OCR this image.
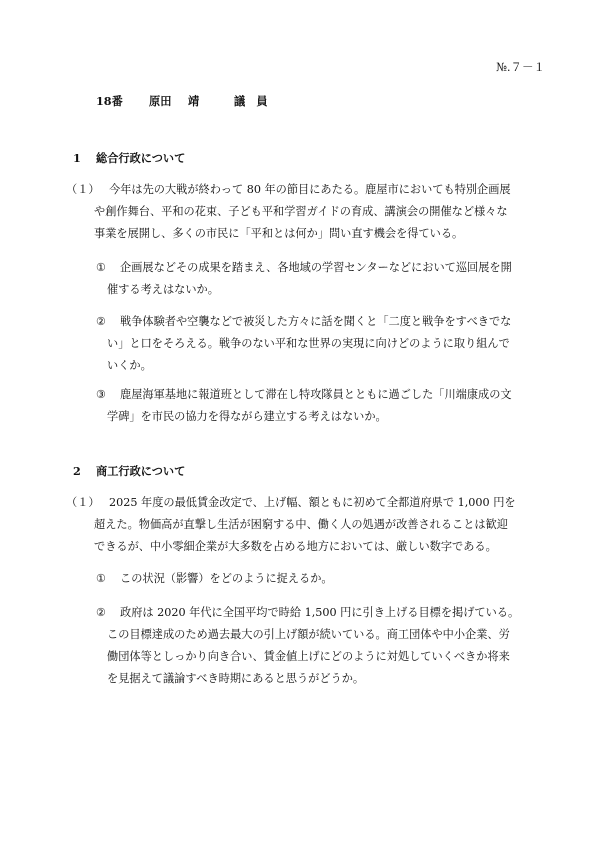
№.７－１
18番 原田 靖	議　員
1 総合行政について
（１） 今年は先の大戦が終わって 80 年の節目にあたる。鹿屋市においても特別企画展
や創作舞台、平和の花束、子ども平和学習ガイドの育成、講演会の開催など様々な
事業を展開し、多くの市民に「平和とは何か」問い直す機会を得ている。
① 企画展などその成果を踏まえ、各地域の学習センターなどにおいて巡回展を開
催する考えはないか。
② 戦争体験者や空襲などで被災した方々に話を聞くと「二度と戦争をすべきでな
い」と口をそろえる。戦争のない平和な世界の実現に向けどのように取り組んで
いくか。
③ 鹿屋海軍基地に報道班として滞在し特攻隊員とともに過ごした「川端康成の文
学碑」を市民の協力を得ながら建立する考えはないか。
2 商工行政について
（１） 2025 年度の最低賃金改定で、上げ幅、額ともに初めて全都道府県で 1,000 円を
超えた。物価高が直撃し生活が困窮する中、働く人の処遇が改善されることは歓迎
できるが、中小零細企業が大多数を占める地方においては、厳しい数字である。
① この状況（影響）をどのように捉えるか。
② 政府は 2020 年代に全国平均で時給 1,500 円に引き上げる目標を掲げている。
この目標達成のため過去最大の引上げ額が続いている。商工団体や中小企業、労
働団体等としっかり向き合い、賃金値上げにどのように対処していくべきか将来
を見据えて議論すべき時期にあると思うがどうか。
